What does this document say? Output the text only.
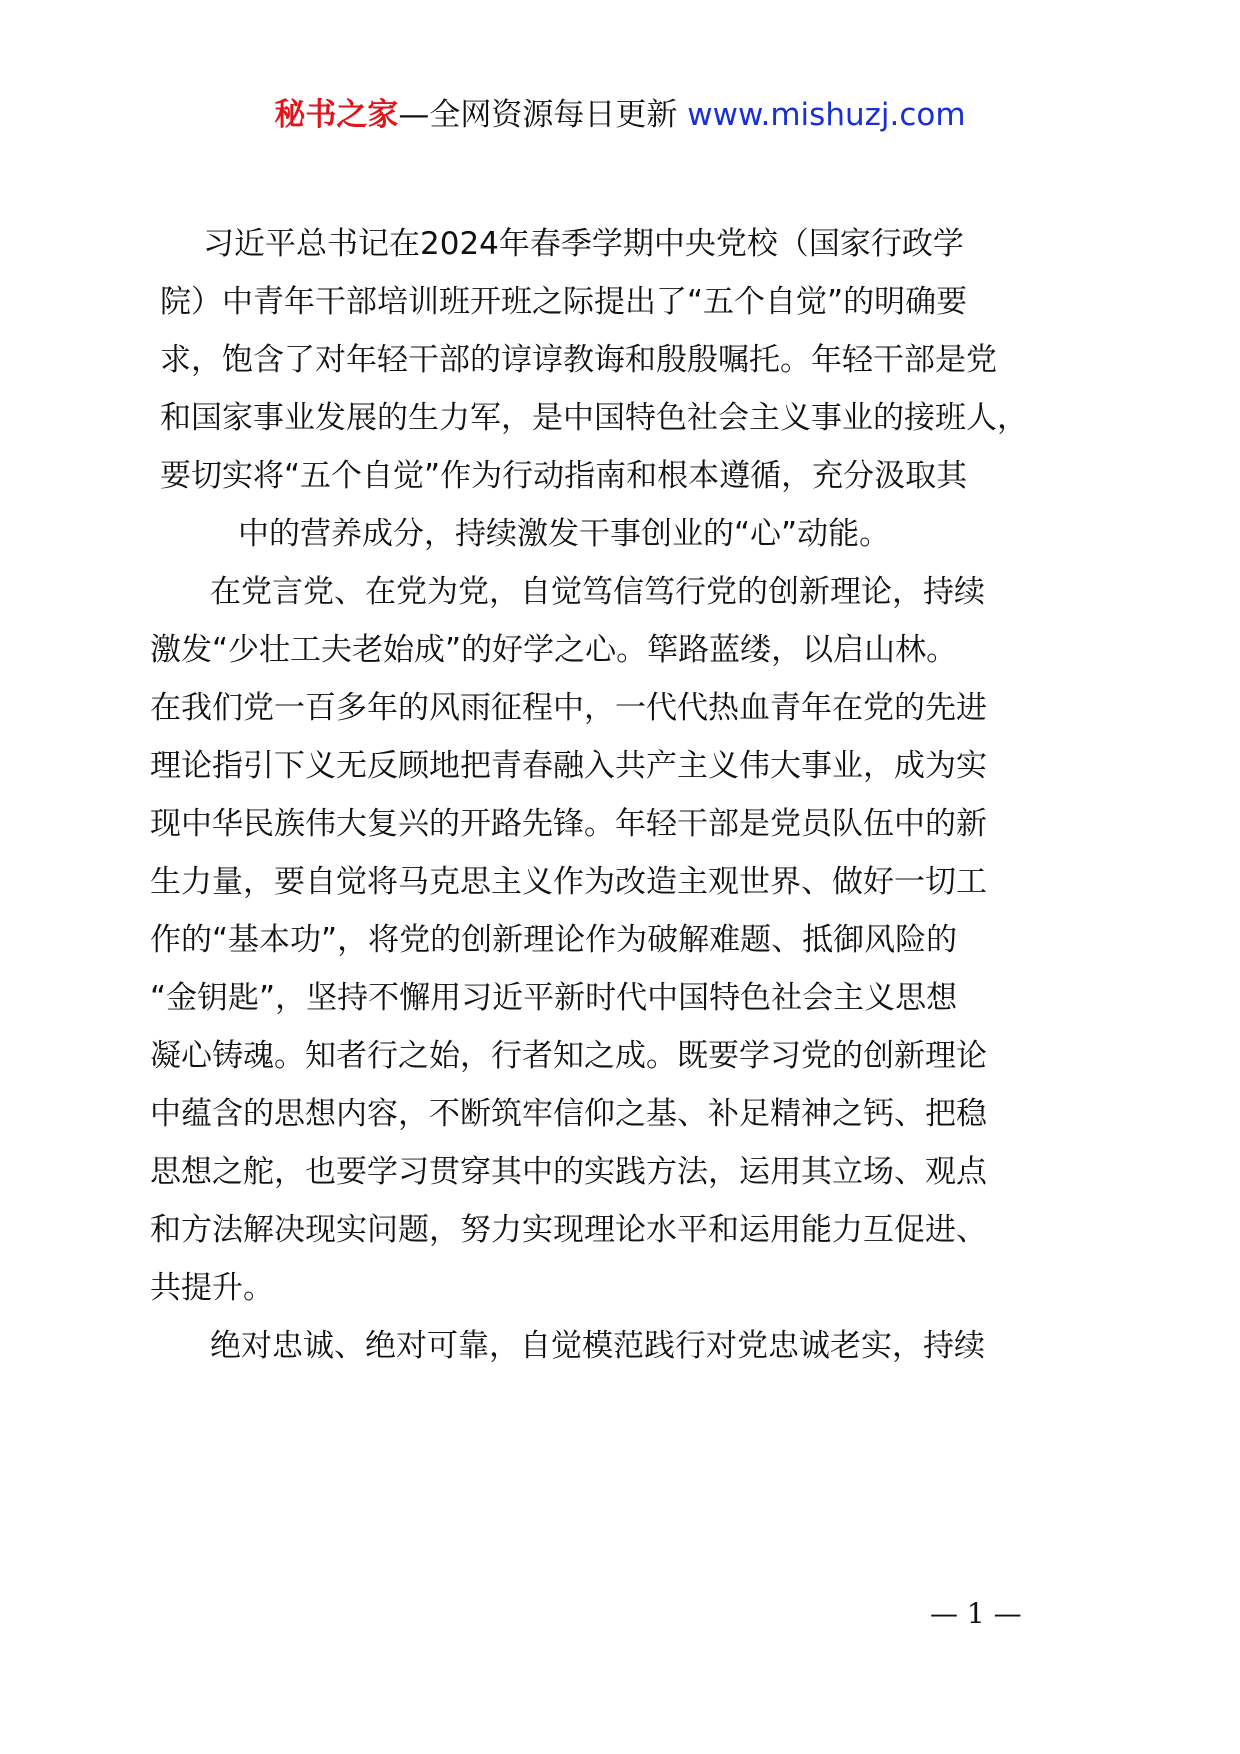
秘书之家—全网资源每日更新 www.mishuzj.com
习近平总书记在2024年春季学期中央党校（国家行政学
院）中青年干部培训班开班之际提出了“五个自觉”的明确要
求，饱含了对年轻干部的谆谆教诲和殷殷嘱托。年轻干部是党
和国家事业发展的生力军，是中国特色社会主义事业的接班人，
要切实将“五个自觉”作为行动指南和根本遵循，充分汲取其
中的营养成分，持续激发干事创业的“心”动能。
在党言党、在党为党，自觉笃信笃行党的创新理论，持续
激发“少壮工夫老始成”的好学之心。筚路蓝缕，以启山林。
在我们党一百多年的风雨征程中，一代代热血青年在党的先进
理论指引下义无反顾地把青春融入共产主义伟大事业，成为实
现中华民族伟大复兴的开路先锋。年轻干部是党员队伍中的新
生力量，要自觉将马克思主义作为改造主观世界、做好一切工
作的“基本功”，将党的创新理论作为破解难题、抵御风险的
“金钥匙”，坚持不懈用习近平新时代中国特色社会主义思想
凝心铸魂。知者行之始，行者知之成。既要学习党的创新理论
中蕴含的思想内容，不断筑牢信仰之基、补足精神之钙、把稳
思想之舵，也要学习贯穿其中的实践方法，运用其立场、观点
和方法解决现实问题，努力实现理论水平和运用能力互促进、
共提升。
绝对忠诚、绝对可靠，自觉模范践行对党忠诚老实，持续
— 1 —
